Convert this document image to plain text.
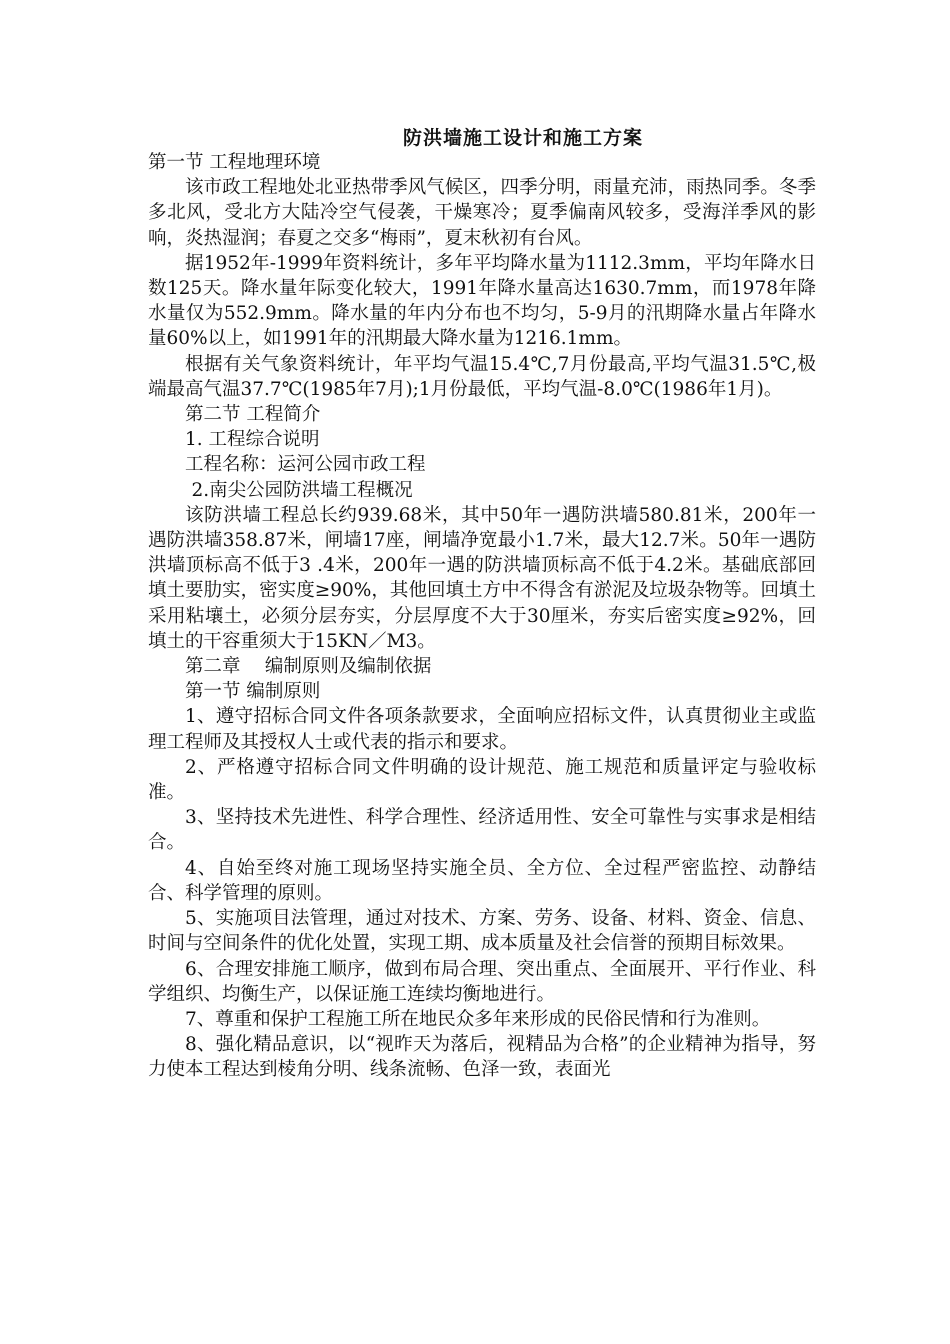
防洪墙施工设计和施工方案

第一节 工程地理环境

该市政工程地处北亚热带季风气候区，四季分明，雨量充沛，雨热同季。冬季多北风，受北方大陆冷空气侵袭，干燥寒冷；夏季偏南风较多，受海洋季风的影响，炎热湿润；春夏之交多“梅雨”，夏末秋初有台风。

据1952年-1999年资料统计，多年平均降水量为1112.3mm，平均年降水日数125天。降水量年际变化较大，1991年降水量高达1630.7mm，而1978年降水量仅为552.9mm。降水量的年内分布也不均匀，5-9月的汛期降水量占年降水量60%以上，如1991年的汛期最大降水量为1216.1mm。

根据有关气象资料统计，年平均气温15.4℃,7月份最高,平均气温31.5℃,极端最高气温37.7℃(1985年7月);1月份最低，平均气温-8.0℃(1986年1月)。

第二节 工程简介

1. 工程综合说明

工程名称：运河公园市政工程

2.南尖公园防洪墙工程概况

该防洪墙工程总长约939.68米，其中50年一遇防洪墙580.81米，200年一遇防洪墙358.87米，闸墙17座，闸墙净宽最小1.7米，最大12.7米。50年一遇防洪墙顶标高不低于3 .4米，200年一遇的防洪墙顶标高不低于4.2米。基础底部回填土要肋实，密实度≥90%，其他回填土方中不得含有淤泥及垃圾杂物等。回填土采用粘壤土，必须分层夯实，分层厚度不大于30厘米，夯实后密实度≥92%，回填土的干容重须大于15KN／M3。

第二章　 编制原则及编制依据

第一节 编制原则

1、遵守招标合同文件各项条款要求，全面响应招标文件，认真贯彻业主或监理工程师及其授权人士或代表的指示和要求。

2、严格遵守招标合同文件明确的设计规范、施工规范和质量评定与验收标准。

3、坚持技术先进性、科学合理性、经济适用性、安全可靠性与实事求是相结合。

4、自始至终对施工现场坚持实施全员、全方位、全过程严密监控、动静结合、科学管理的原则。

5、实施项目法管理，通过对技术、方案、劳务、设备、材料、资金、信息、时间与空间条件的优化处置，实现工期、成本质量及社会信誉的预期目标效果。

6、合理安排施工顺序，做到布局合理、突出重点、全面展开、平行作业、科学组织、均衡生产，以保证施工连续均衡地进行。

7、尊重和保护工程施工所在地民众多年来形成的民俗民情和行为准则。

8、强化精品意识，以“视昨天为落后，视精品为合格”的企业精神为指导，努力使本工程达到棱角分明、线条流畅、色泽一致，表面光
